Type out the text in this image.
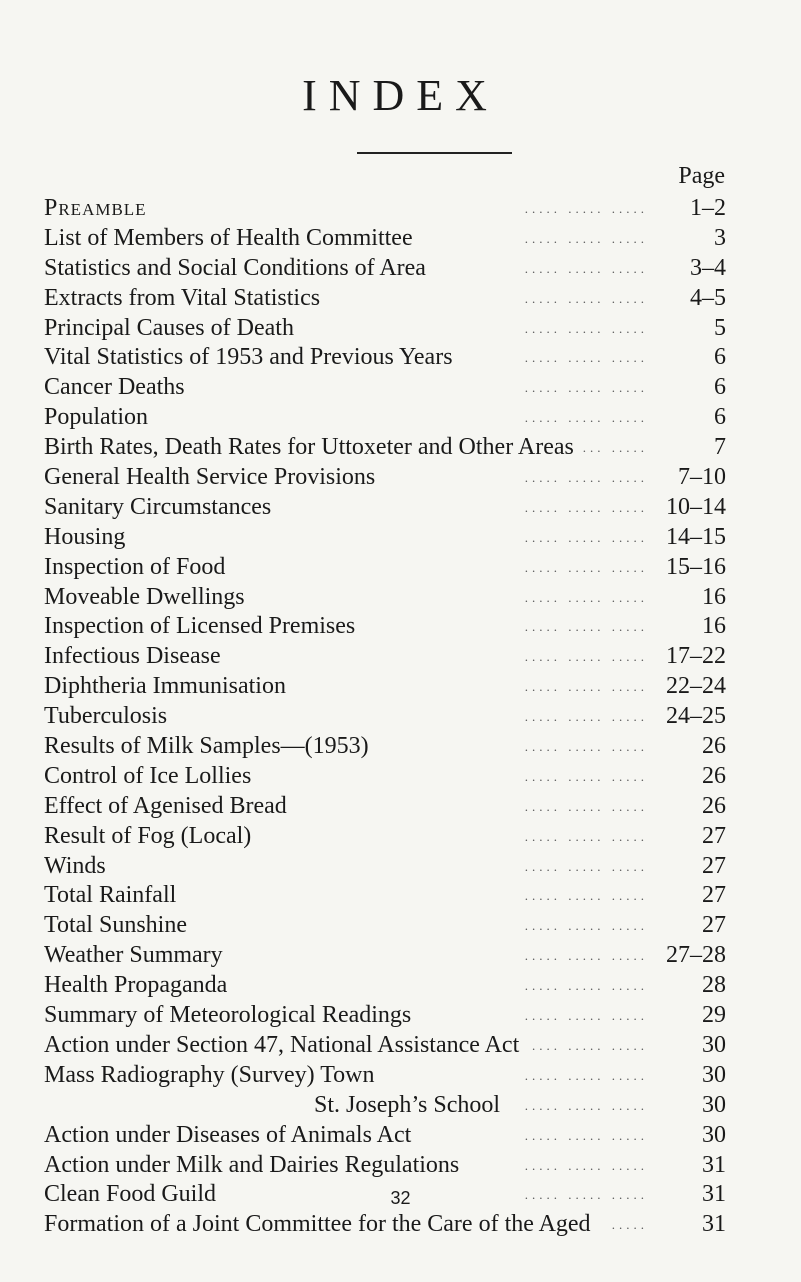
INDEX
Page
Preamble	..... ..... ..... 1–2
List of Members of Health Committee	..... ..... .....	3
Statistics and Social Conditions of Area	..... ..... ..... 3–4
Extracts from Vital Statistics	..... ..... ..... 4–5
Principal Causes of Death	..... ..... .....	5
Vital Statistics of 1953 and Previous Years	..... ..... .....	6
Cancer Deaths	..... ..... .....	6
Population	..... ..... .....	6
Birth Rates, Death Rates for Uttoxeter and Other Areas ... .....	7
General Health Service Provisions	..... ..... ..... 7–10
Sanitary Circumstances	..... ..... ..... 10–14
Housing	..... ..... ..... 14–15
Inspection of Food	..... ..... ..... 15–16
Moveable Dwellings	..... ..... ..... 16
Inspection of Licensed Premises	..... ..... ..... 16
Infectious Disease	..... ..... ..... 17–22
Diphtheria Immunisation	..... ..... ..... 22–24
Tuberculosis	..... ..... ..... 24–25
Results of Milk Samples—(1953)	..... ..... ..... 26
Control of Ice Lollies	..... ..... ..... 26
Effect of Agenised Bread	..... ..... ..... 26
Result of Fog (Local)	..... ..... ..... 27
Winds	..... ..... ..... 27
Total Rainfall	..... ..... ..... 27
Total Sunshine	..... ..... ..... 27
Weather Summary	..... ..... ..... 27–28
Health Propaganda	..... ..... ..... 28
Summary of Meteorological Readings	..... ..... ..... 29
Action under Section 47, National Assistance Act .... ..... ..... 30
Mass Radiography (Survey) Town	..... ..... ..... 30
St. Joseph’s School ..... ..... ..... 30
Action under Diseases of Animals Act	..... ..... ..... 30
Action under Milk and Dairies Regulations	..... ..... ..... 31
Clean Food Guild	..... ..... ..... 31
Formation of a Joint Committee for the Care of the Aged ..... 31
32
